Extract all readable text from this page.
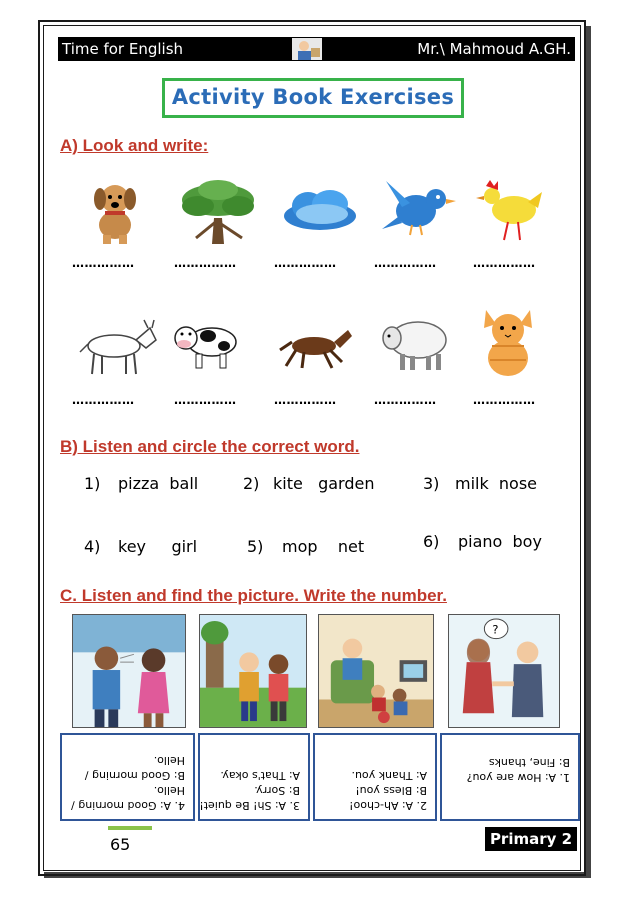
Time for English	Mr.\ Mahmoud A.GH.
Activity Book Exercises
A) Look and write:
……………	……………	……………	……………	……………
……………	……………	……………	……………	……………
B) Listen and circle the correct word.
1) pizza  ball	2) kite   garden	3) milk  nose
4) key     girl	5) mop    net	6) piano  boy
C. Listen and find the picture. Write the number.
?
4. A: Good morning /
Hello.
B: Good morning /
Hello.
3. A: Sh! Be quiet!
B: Sorry.
A: That's okay.
2. A: Ah-choo!
B: Bless you!
A: Thank you.	1. A: How are you?
B: Fine, thanks
65	Primary 2
